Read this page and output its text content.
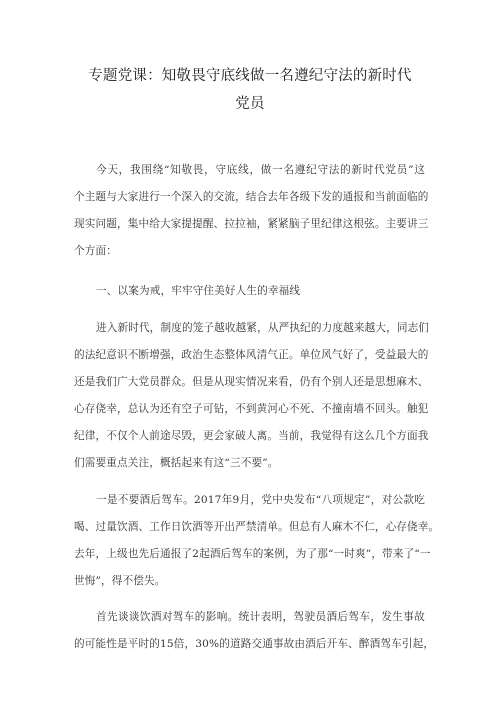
专题党课：知敬畏守底线做一名遵纪守法的新时代
党员
今天，我围绕“知敬畏，守底线，做一名遵纪守法的新时代党员”这
个主题与大家进行一个深入的交流，结合去年各级下发的通报和当前面临的
现实问题，集中给大家提提醒、拉拉袖，紧紧脑子里纪律这根弦。主要讲三
个方面：
一、以案为戒，牢牢守住美好人生的幸福线
进入新时代，制度的笼子越收越紧，从严执纪的力度越来越大，同志们
的法纪意识不断增强，政治生态整体风清气正。单位风气好了，受益最大的
还是我们广大党员群众。但是从现实情况来看，仍有个别人还是思想麻木、
心存侥幸，总认为还有空子可钻，不到黄河心不死、不撞南墙不回头。触犯
纪律，不仅个人前途尽毁，更会家破人离。当前，我觉得有这么几个方面我
们需要重点关注，概括起来有这“三不要”。
一是不要酒后驾车。2017年9月，党中央发布“八项规定”，对公款吃
喝、过量饮酒、工作日饮酒等开出严禁清单。但总有人麻木不仁，心存侥幸。
去年，上级也先后通报了2起酒后驾车的案例，为了那“一时爽”，带来了“一
世悔”，得不偿失。
首先谈谈饮酒对驾车的影响。统计表明，驾驶员酒后驾车，发生事故
的可能性是平时的15倍，30%的道路交通事故由酒后开车、醉酒驾车引起，
